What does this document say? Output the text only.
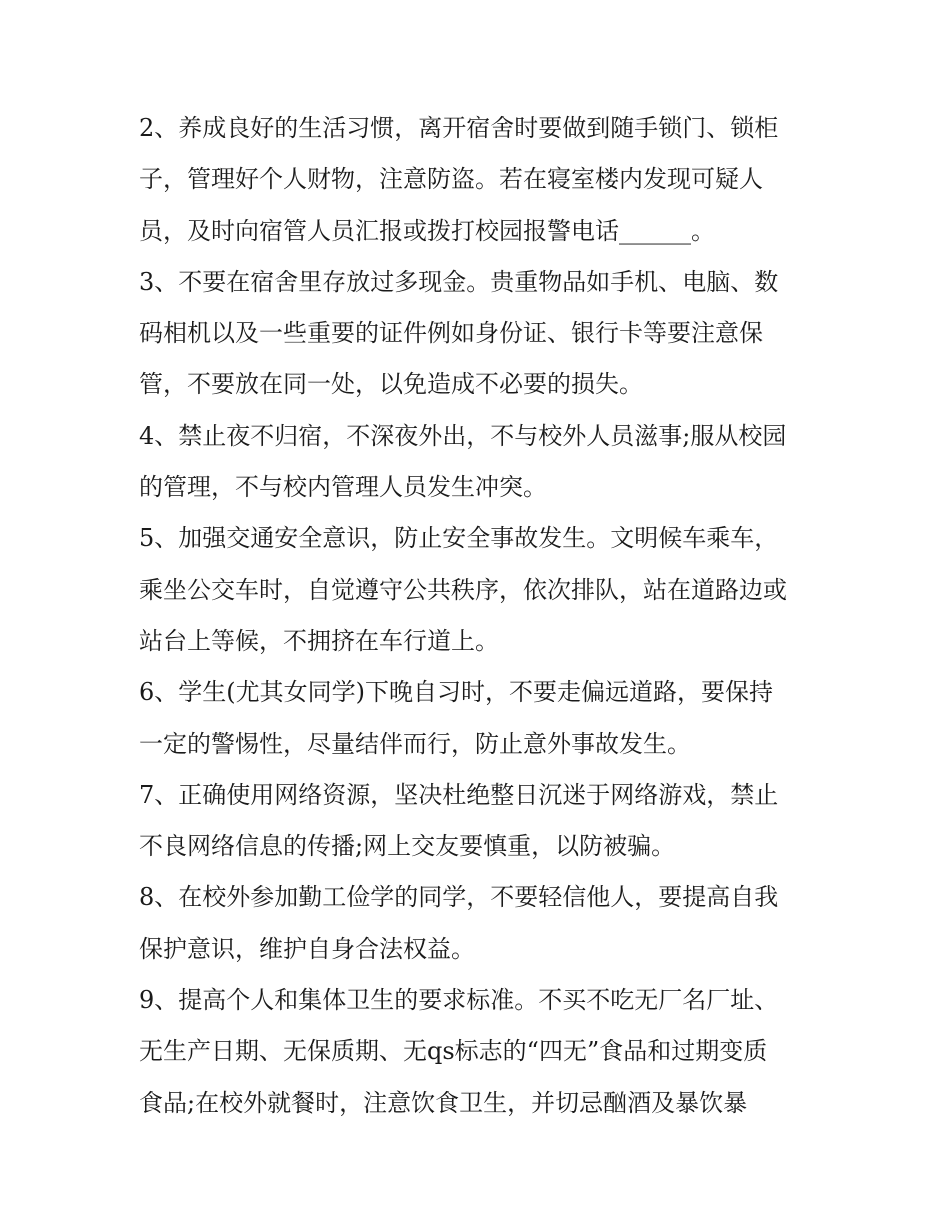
2、养成良好的生活习惯，离开宿舍时要做到随手锁门、锁柜
子，管理好个人财物，注意防盗。若在寝室楼内发现可疑人
员，及时向宿管人员汇报或拨打校园报警电话______。

3、不要在宿舍里存放过多现金。贵重物品如手机、电脑、数
码相机以及一些重要的证件例如身份证、银行卡等要注意保
管，不要放在同一处，以免造成不必要的损失。

4、禁止夜不归宿，不深夜外出，不与校外人员滋事;服从校园
的管理，不与校内管理人员发生冲突。

5、加强交通安全意识，防止安全事故发生。文明候车乘车，
乘坐公交车时，自觉遵守公共秩序，依次排队，站在道路边或
站台上等候，不拥挤在车行道上。

6、学生(尤其女同学)下晚自习时，不要走偏远道路，要保持
一定的警惕性，尽量结伴而行，防止意外事故发生。

7、正确使用网络资源，坚决杜绝整日沉迷于网络游戏，禁止
不良网络信息的传播;网上交友要慎重，以防被骗。

8、在校外参加勤工俭学的同学，不要轻信他人，要提高自我
保护意识，维护自身合法权益。

9、提高个人和集体卫生的要求标准。不买不吃无厂名厂址、
无生产日期、无保质期、无qs标志的“四无”食品和过期变质
食品;在校外就餐时，注意饮食卫生，并切忌酗酒及暴饮暴
